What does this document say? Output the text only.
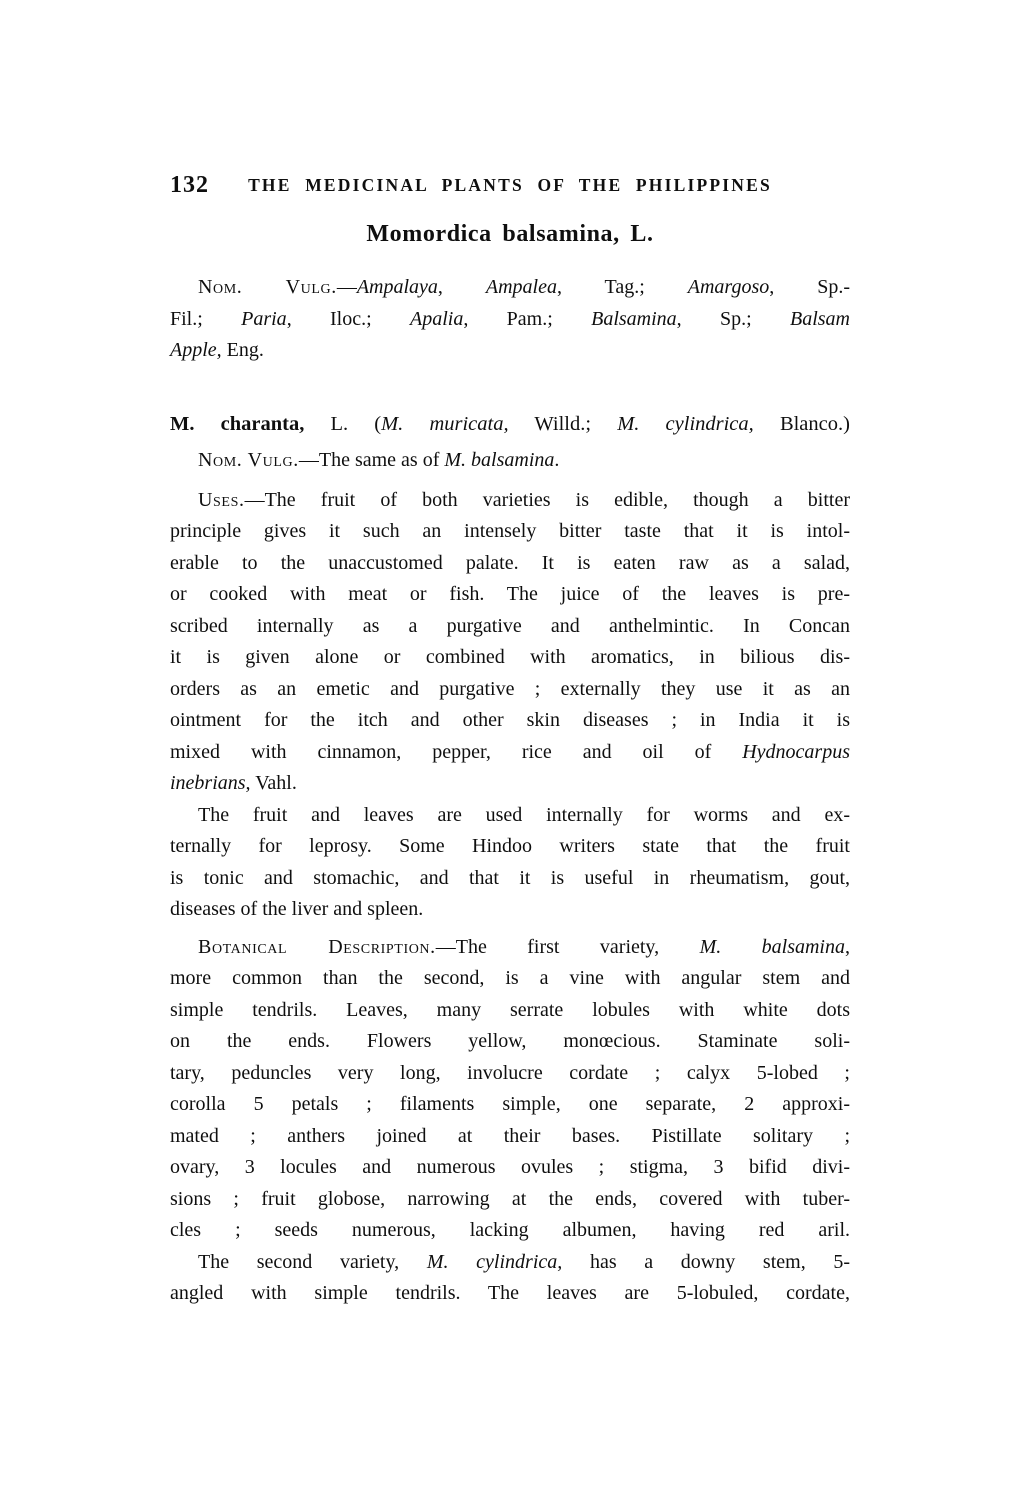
132	THE MEDICINAL PLANTS OF THE PHILIPPINES
Momordica balsamina, L.
Nom. Vulg.—Ampalaya, Ampalea, Tag.; Amargoso, Sp.-
Fil.; Paria, Iloc.; Apalia, Pam.; Balsamina, Sp.; Balsam
Apple, Eng.
M. charanta, L. (M. muricata, Willd.; M. cylindrica, Blanco.)
Nom. Vulg.—The same as of M. balsamina.
Uses.—The fruit of both varieties is edible, though a bitter
principle gives it such an intensely bitter taste that it is intol-
erable to the unaccustomed palate. It is eaten raw as a salad,
or cooked with meat or fish. The juice of the leaves is pre-
scribed internally as a purgative and anthelmintic. In Concan
it is given alone or combined with aromatics, in bilious dis-
orders as an emetic and purgative ; externally they use it as an
ointment for the itch and other skin diseases ; in India it is
mixed with cinnamon, pepper, rice and oil of Hydnocarpus
inebrians, Vahl.
The fruit and leaves are used internally for worms and ex-
ternally for leprosy. Some Hindoo writers state that the fruit
is tonic and stomachic, and that it is useful in rheumatism, gout,
diseases of the liver and spleen.
Botanical Description.—The first variety, M. balsamina,
more common than the second, is a vine with angular stem and
simple tendrils. Leaves, many serrate lobules with white dots
on the ends. Flowers yellow, monœcious. Staminate soli-
tary, peduncles very long, involucre cordate ; calyx 5-lobed ;
corolla 5 petals ; filaments simple, one separate, 2 approxi-
mated ; anthers joined at their bases. Pistillate solitary ;
ovary, 3 locules and numerous ovules ; stigma, 3 bifid divi-
sions ; fruit globose, narrowing at the ends, covered with tuber-
cles ; seeds numerous, lacking albumen, having red aril.
The second variety, M. cylindrica, has a downy stem, 5-
angled with simple tendrils. The leaves are 5-lobuled, cordate,
